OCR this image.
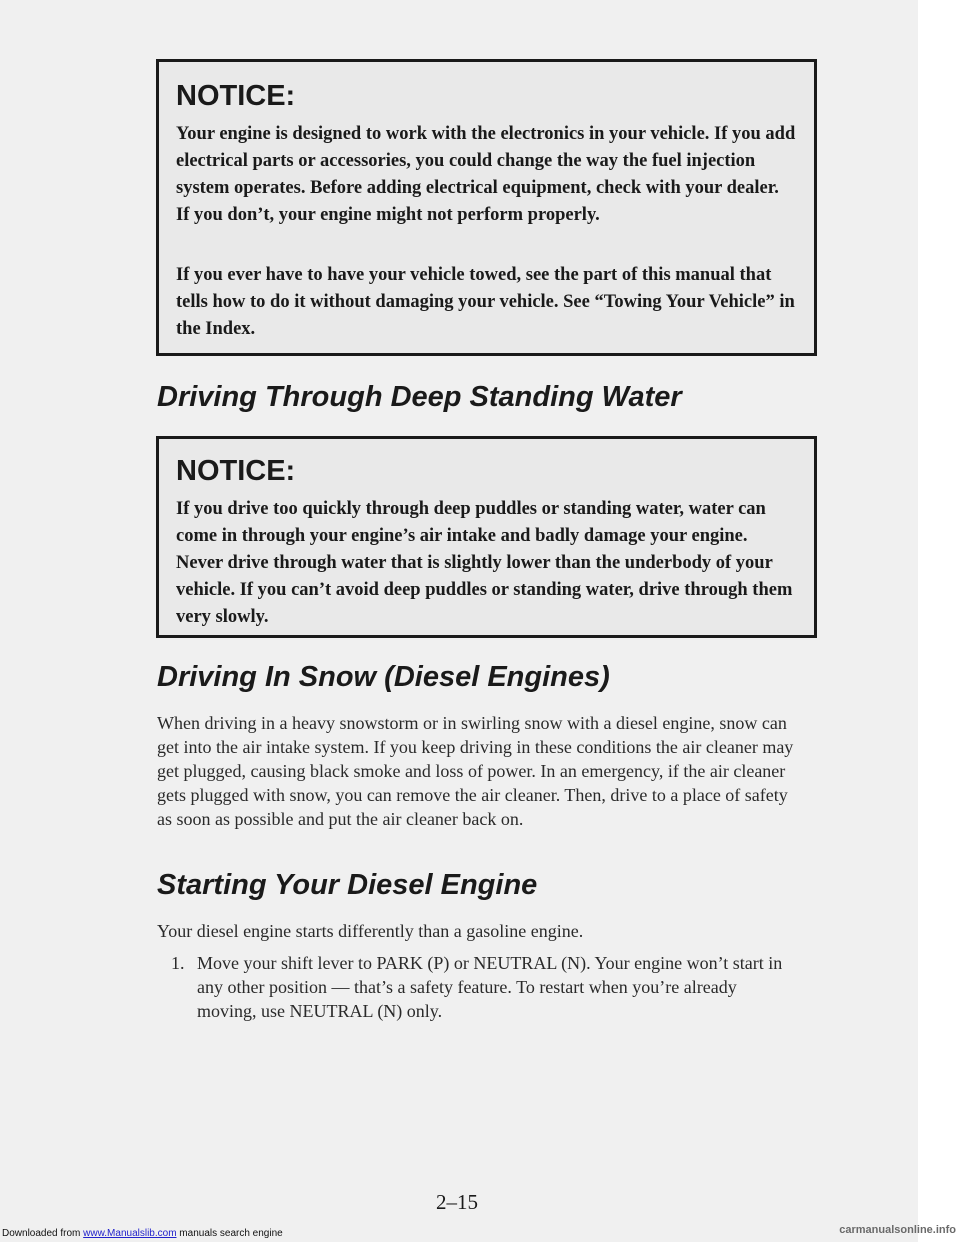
NOTICE:

Your engine is designed to work with the electronics in your vehicle. If you add electrical parts or accessories, you could change the way the fuel injection system operates. Before adding electrical equipment, check with your dealer. If you don’t, your engine might not perform properly.

If you ever have to have your vehicle towed, see the part of this manual that tells how to do it without damaging your vehicle. See “Towing Your Vehicle” in the Index.

Driving Through Deep Standing Water
NOTICE:

If you drive too quickly through deep puddles or standing water, water can come in through your engine’s air intake and badly damage your engine. Never drive through water that is slightly lower than the underbody of your vehicle. If you can’t avoid deep puddles or standing water, drive through them very slowly.

Driving In Snow (Diesel Engines)

When driving in a heavy snowstorm or in swirling snow with a diesel engine, snow can get into the air intake system. If you keep driving in these conditions the air cleaner may get plugged, causing black smoke and loss of power. In an emergency, if the air cleaner gets plugged with snow, you can remove the air cleaner. Then, drive to a place of safety as soon as possible and put the air cleaner back on.

Starting Your Diesel Engine

Your diesel engine starts differently than a gasoline engine.

1. Move your shift lever to PARK (P) or NEUTRAL (N). Your engine won’t start in any other position — that’s a safety feature. To restart when you’re already moving, use NEUTRAL (N) only.
2–15
Downloaded from www.Manualslib.com manuals search engine	carmanualsonline.info
